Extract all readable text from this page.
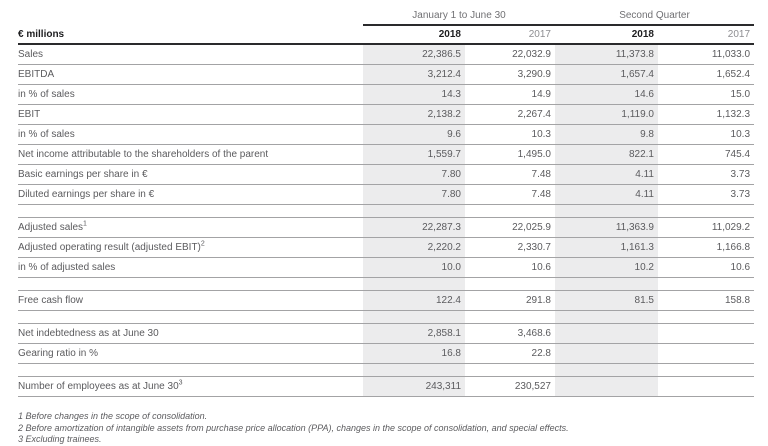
	January 1 to June 30		Second Quarter	
€ millions	2018	2017	2018	2017
Sales	22,386.5	22,032.9	11,373.8	11,033.0
EBITDA	3,212.4	3,290.9	1,657.4	1,652.4
in % of sales	14.3	14.9	14.6	15.0
EBIT	2,138.2	2,267.4	1,119.0	1,132.3
in % of sales	9.6	10.3	9.8	10.3
Net income attributable to the shareholders of the parent	1,559.7	1,495.0	822.1	745.4
Basic earnings per share in €	7.80	7.48	4.11	3.73
Diluted earnings per share in €	7.80	7.48	4.11	3.73

Adjusted sales$^1$	22,287.3	22,025.9	11,363.9	11,029.2
Adjusted operating result (adjusted EBIT)$^2$	2,220.2	2,330.7	1,161.3	1,166.8
in % of adjusted sales	10.0	10.6	10.2	10.6

Free cash flow	122.4	291.8	81.5	158.8

Net indebtedness as at June 30	2,858.1	3,468.6		
Gearing ratio in %	16.8	22.8		

Number of employees as at June $30^3$	243,311	230,527		
1 Before changes in the scope of consolidation.
2 Before amortization of intangible assets from purchase price allocation (PPA), changes in the scope of consolidation, and special effects.
3 Excluding trainees.
